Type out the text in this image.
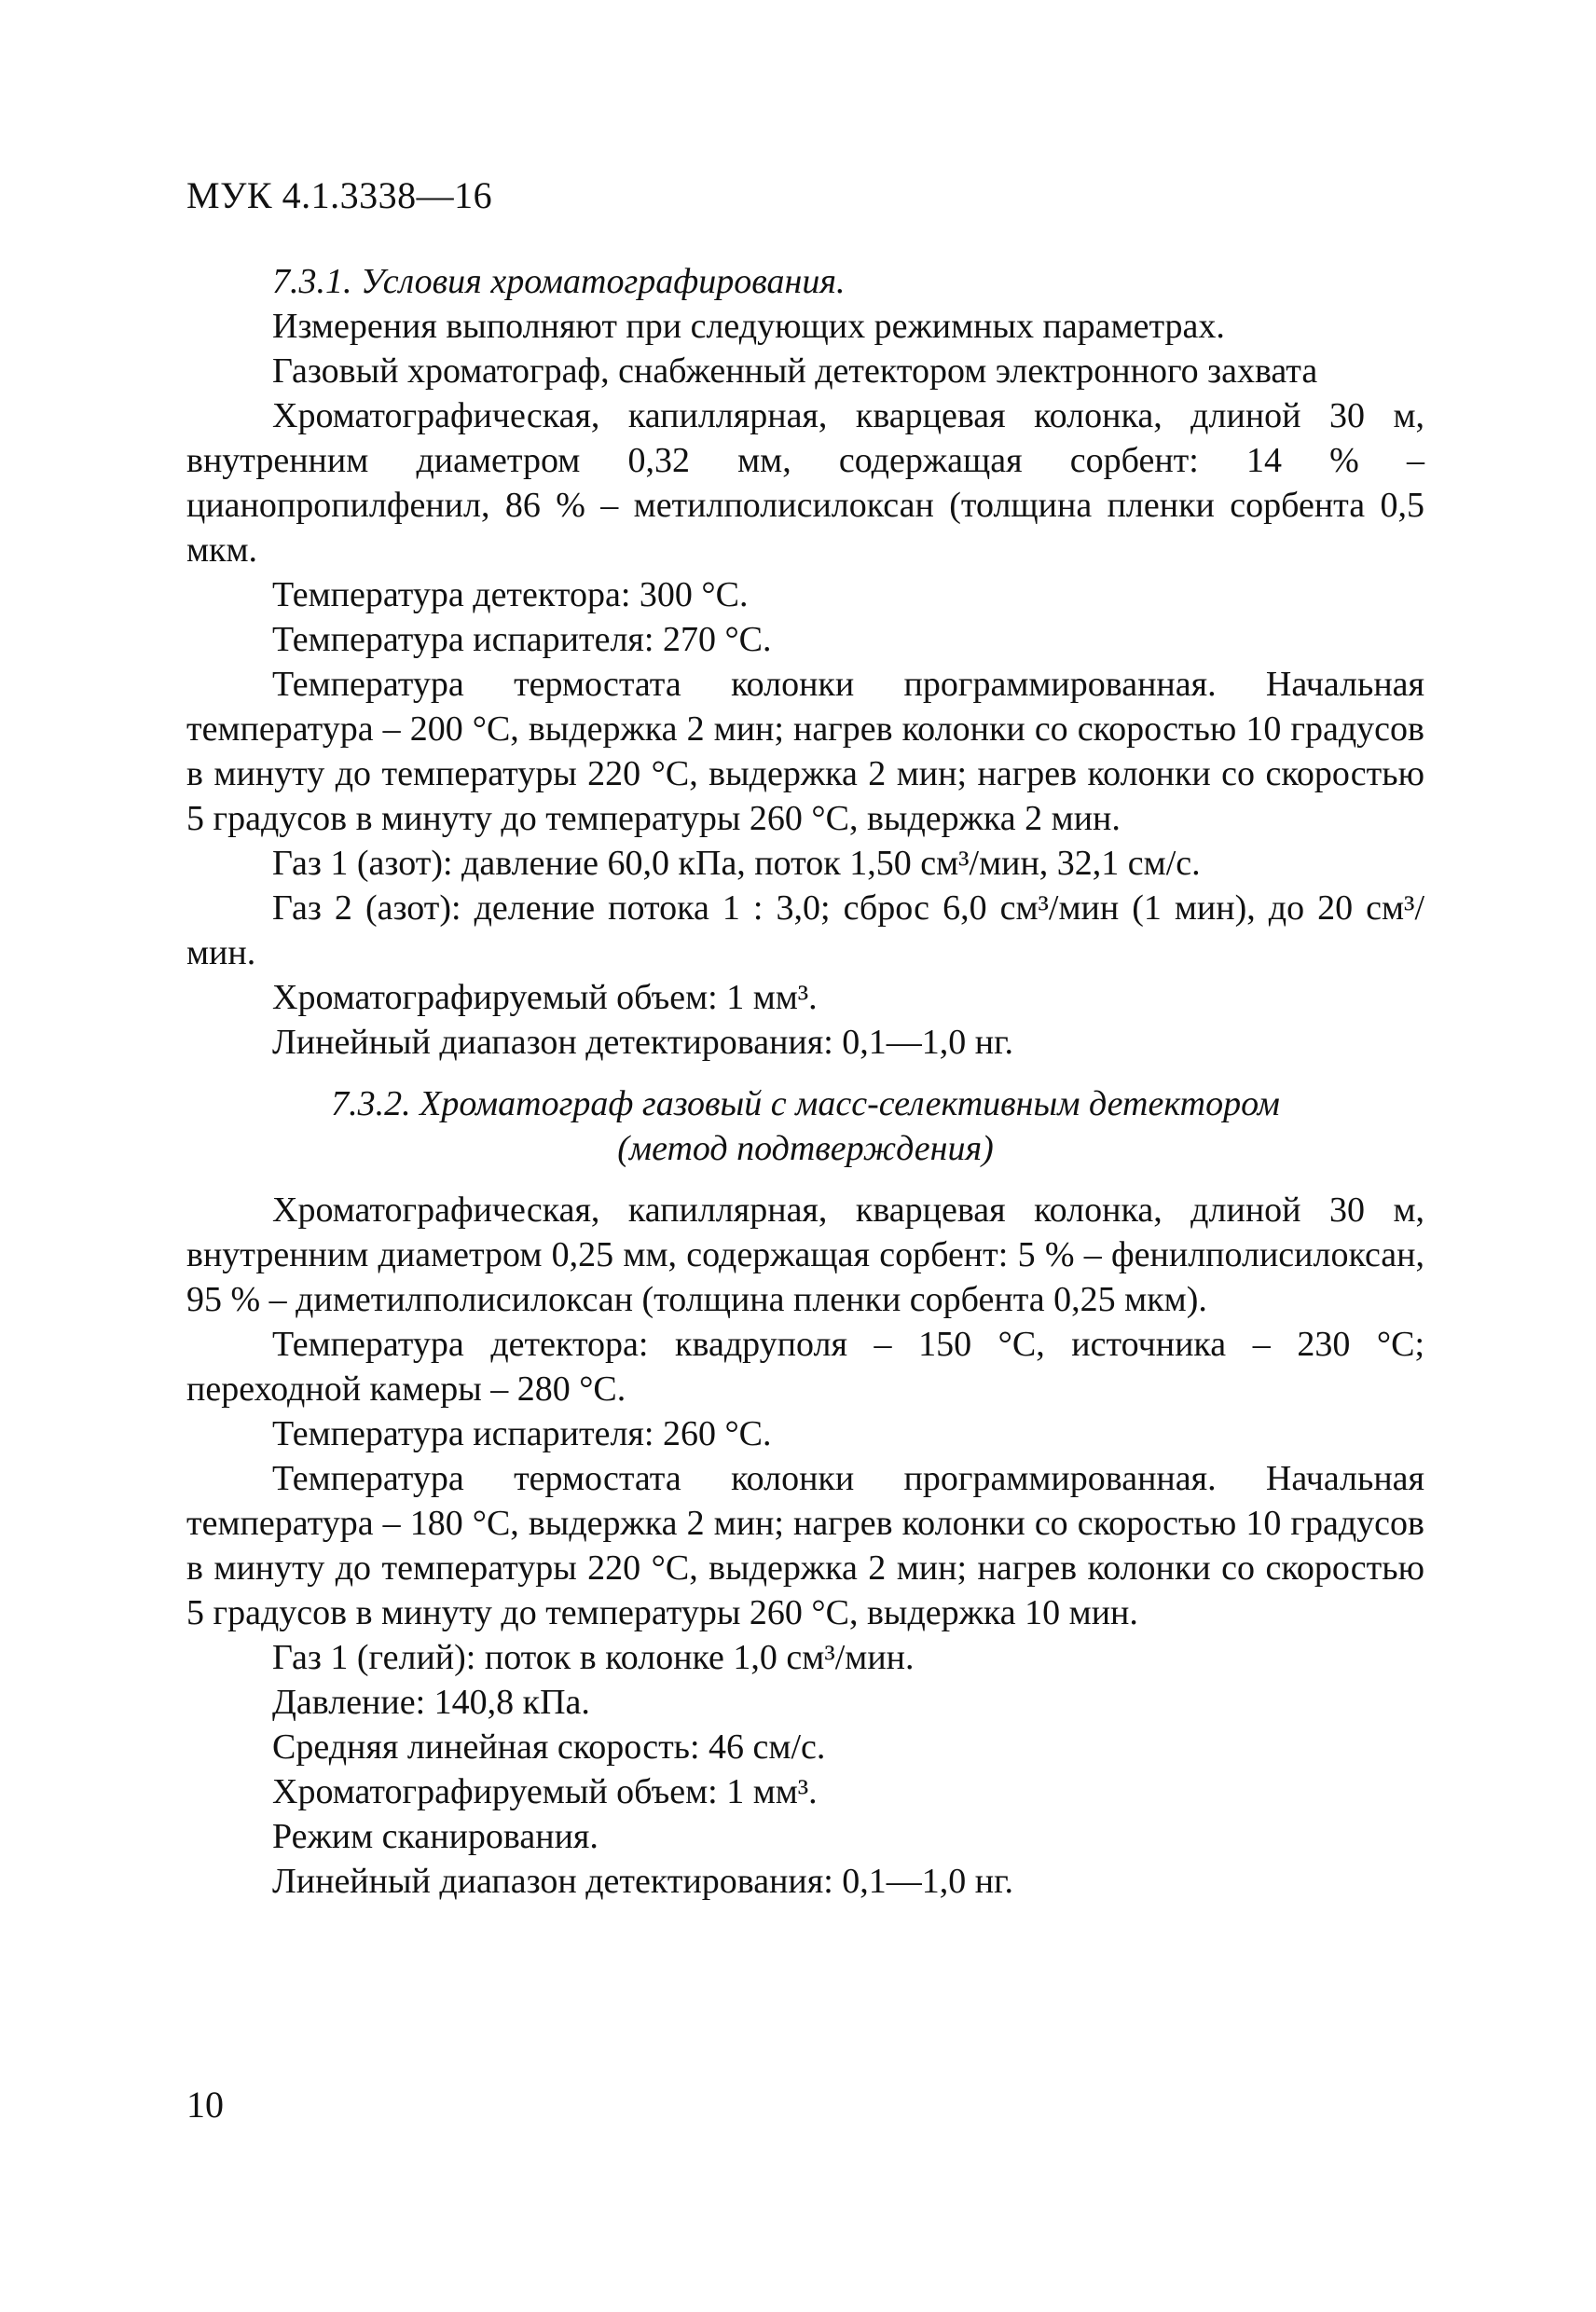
МУК 4.1.3338—16

7.3.1. Условия хроматографирования.

Измерения выполняют при следующих режимных параметрах.

Газовый хроматограф, снабженный детектором электронного захвата

Хроматографическая, капиллярная, кварцевая колонка, длиной 30 м, внутренним диаметром 0,32 мм, содержащая сорбент: 14 % – цианопропилфенил, 86 % – метилполисилоксан (толщина пленки сорбента 0,5 мкм.

Температура детектора: 300 °С.

Температура испарителя: 270 °С.

Температура термостата колонки программированная. Начальная температура – 200 °С, выдержка 2 мин; нагрев колонки со скоростью 10 градусов в минуту до температуры 220 °С, выдержка 2 мин; нагрев колонки со скоростью 5 градусов в минуту до температуры 260 °С, выдержка 2 мин.

Газ 1 (азот): давление 60,0 кПа, поток 1,50 см³/мин, 32,1 см/с.

Газ 2 (азот): деление потока 1 : 3,0; сброс 6,0 см³/мин (1 мин), до 20 см³/мин.

Хроматографируемый объем: 1 мм³.

Линейный диапазон детектирования: 0,1—1,0 нг.

7.3.2. Хроматограф газовый с масс-селективным детектором
(метод подтверждения)

Хроматографическая, капиллярная, кварцевая колонка, длиной 30 м, внутренним диаметром 0,25 мм, содержащая сорбент: 5 % – фенилполисилоксан, 95 % – диметилполисилоксан (толщина пленки сорбента 0,25 мкм).

Температура детектора: квадруполя – 150 °С, источника – 230 °С; переходной камеры – 280 °С.

Температура испарителя: 260 °С.

Температура термостата колонки программированная. Начальная температура – 180 °С, выдержка 2 мин; нагрев колонки со скоростью 10 градусов в минуту до температуры 220 °С, выдержка 2 мин; нагрев колонки со скоростью 5 градусов в минуту до температуры 260 °С, выдержка 10 мин.

Газ 1 (гелий): поток в колонке 1,0 см³/мин.

Давление: 140,8 кПа.

Средняя линейная скорость: 46 см/с.

Хроматографируемый объем: 1 мм³.

Режим сканирования.

Линейный диапазон детектирования: 0,1—1,0 нг.

10
